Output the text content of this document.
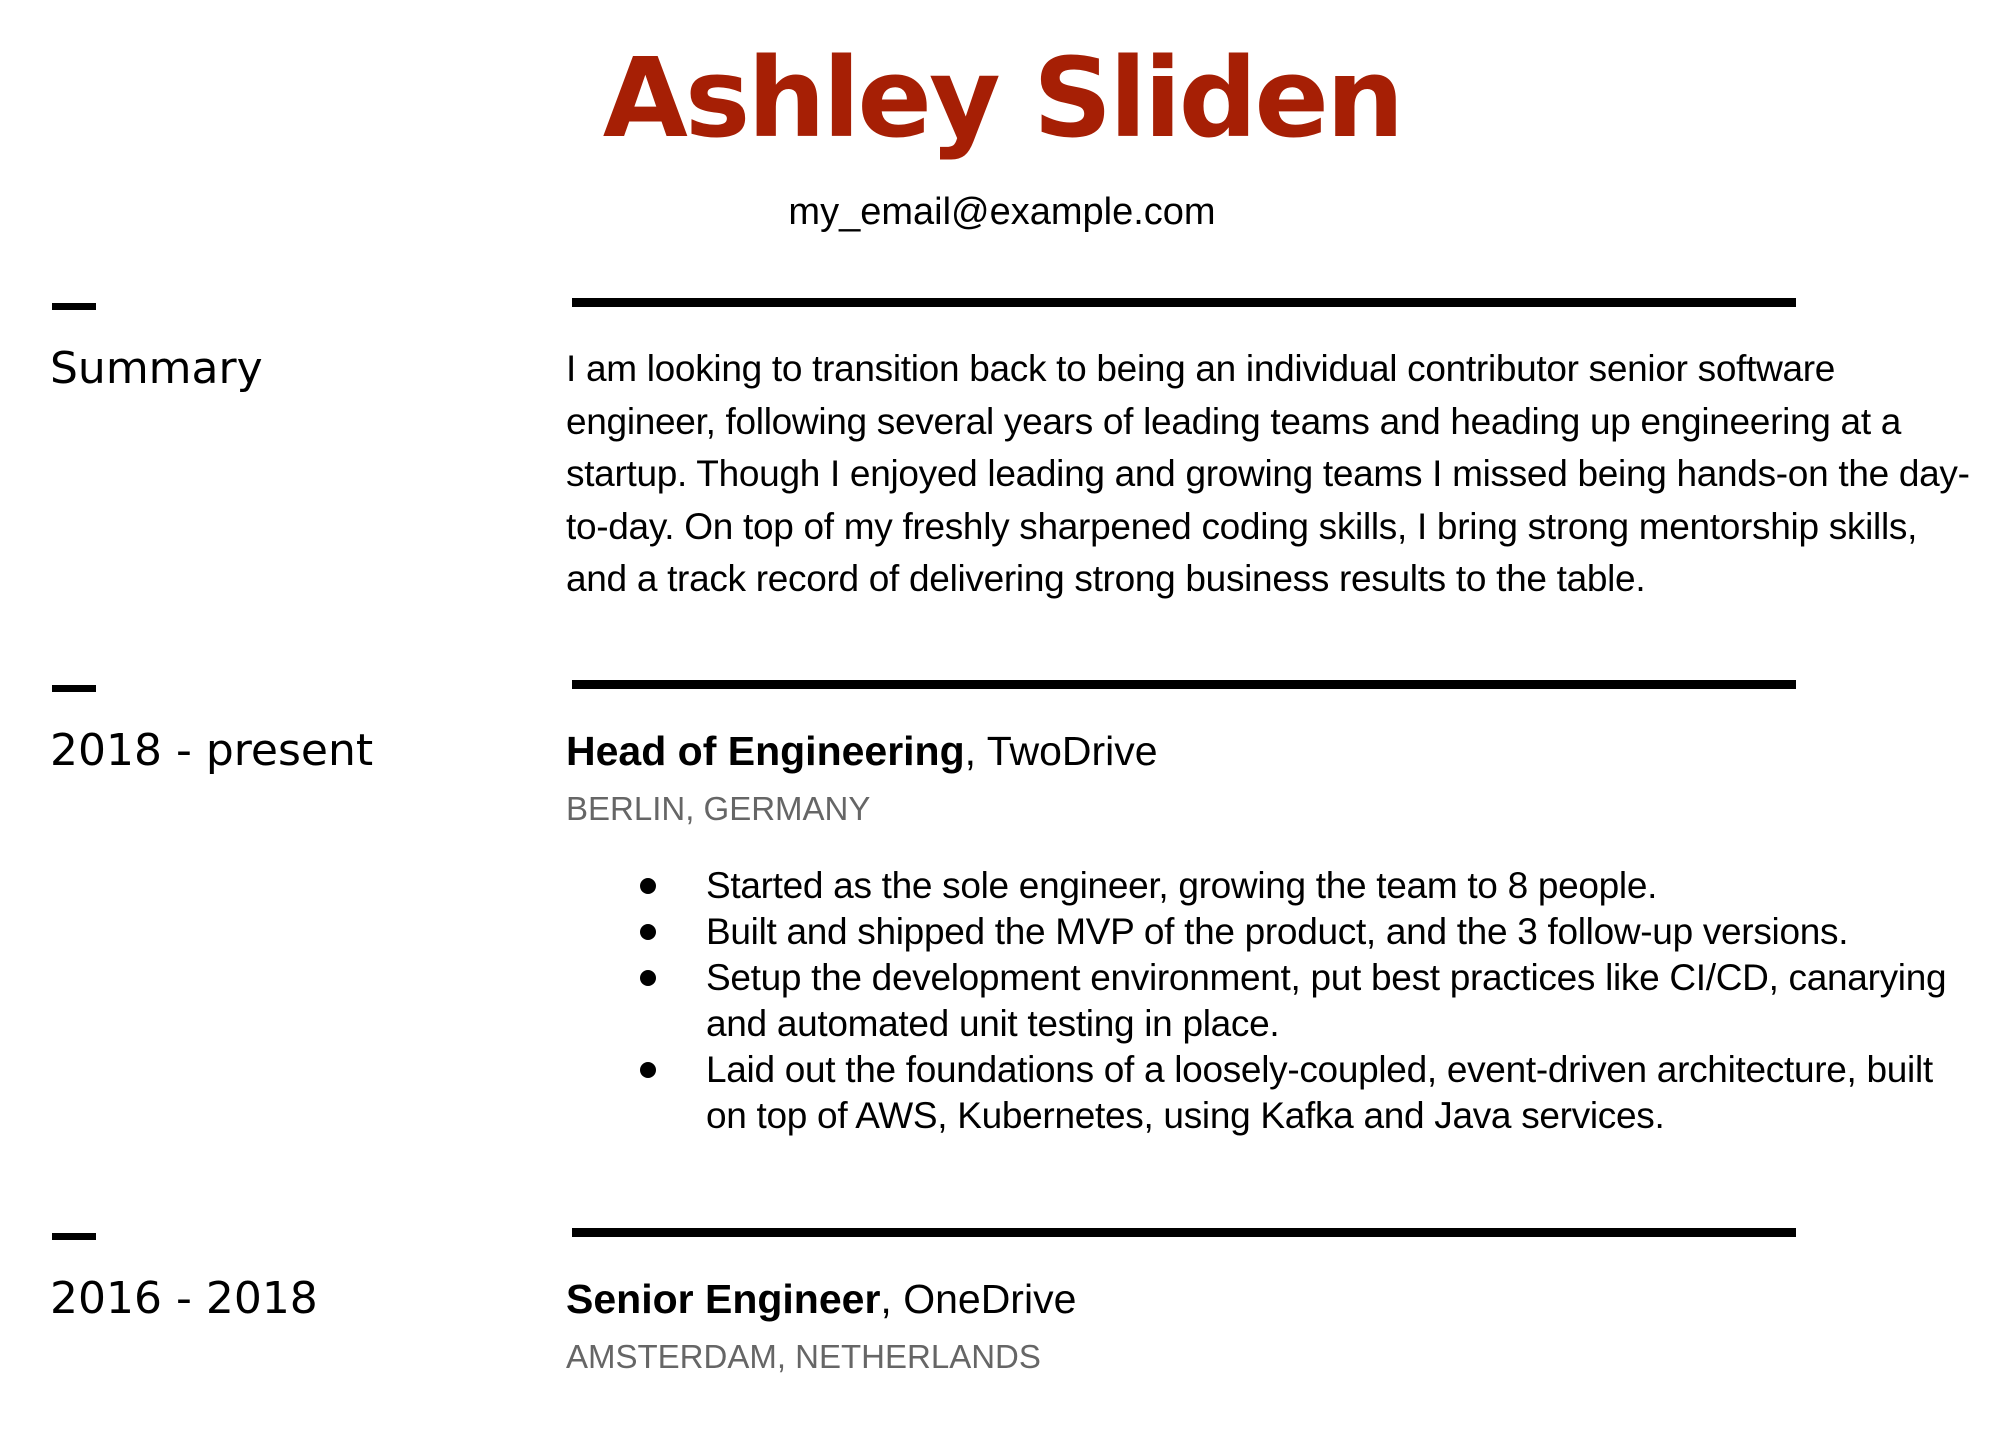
Ashley Sliden
my_email@example.com
Summary	I am looking to transition back to being an individual contributor senior software engineer, following several years of leading teams and heading up engineering at a startup. Though I enjoyed leading and growing teams I missed being hands-on the day-to-day. On top of my freshly sharpened coding skills, I bring strong mentorship skills, and a track record of delivering strong business results to the table.

2018 - present	Head of Engineering, TwoDrive
BERLIN, GERMANY
Started as the sole engineer, growing the team to 8 people.
Built and shipped the MVP of the product, and the 3 follow-up versions.
Setup the development environment, put best practices like CI/CD, canarying and automated unit testing in place.
Laid out the foundations of a loosely-coupled, event-driven architecture, built on top of AWS, Kubernetes, using Kafka and Java services.
2016 - 2018	Senior Engineer, OneDrive
AMSTERDAM, NETHERLANDS
